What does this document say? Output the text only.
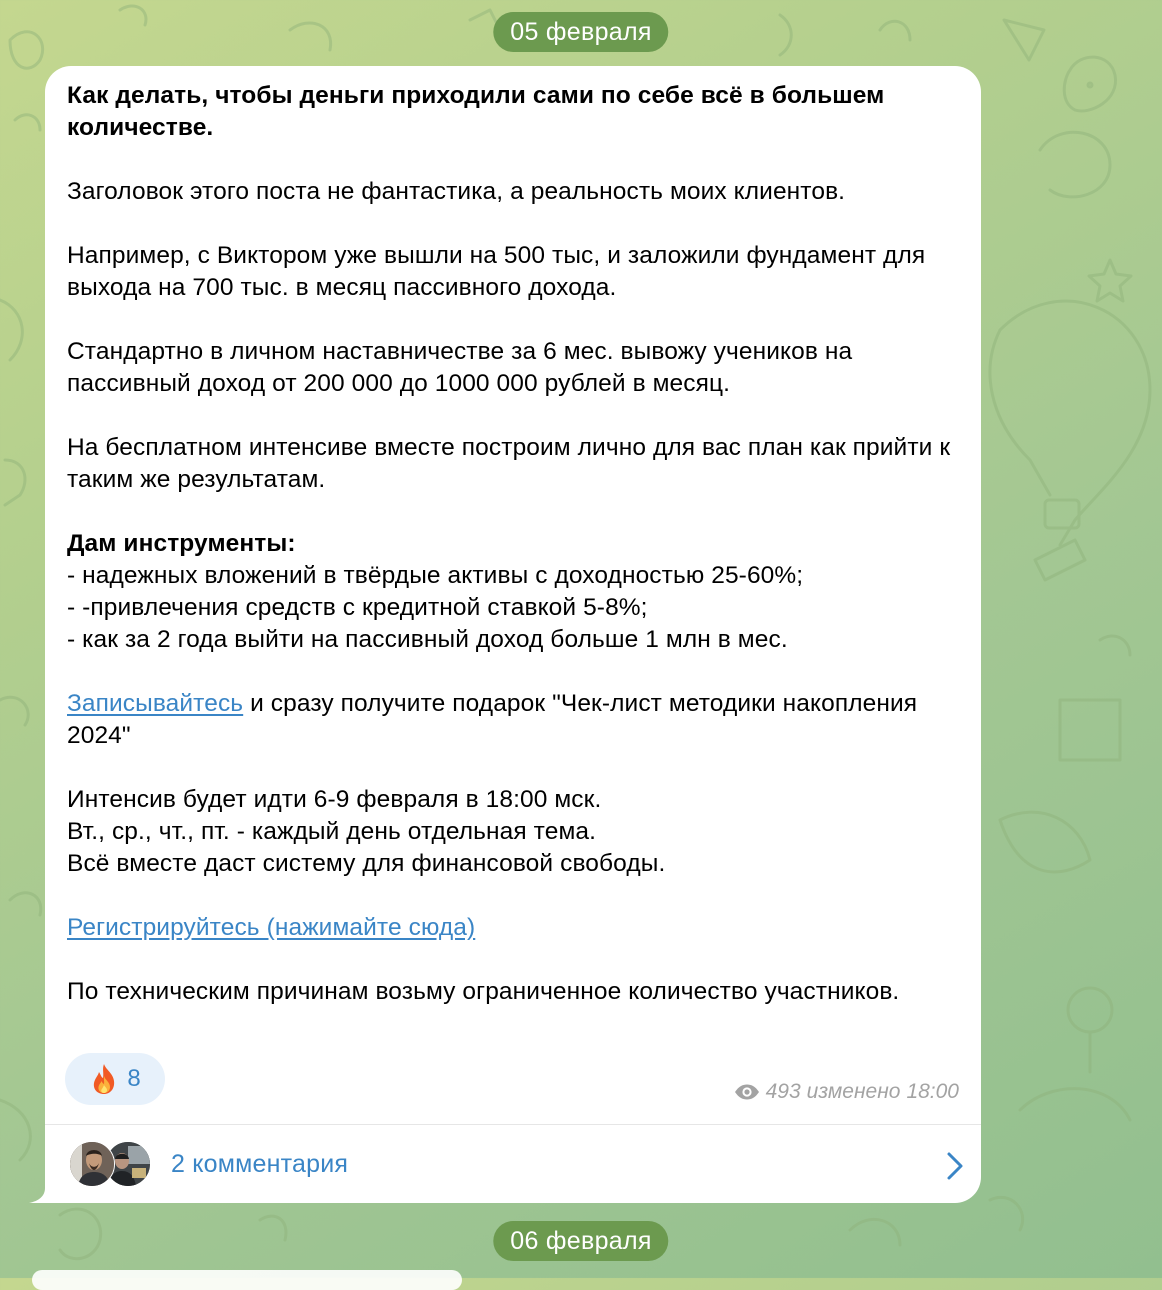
05 февраля

Как делать, чтобы деньги приходили сами по себе всё в большем количестве.

Заголовок этого поста не фантастика, а реальность моих клиентов.

Например, с Виктором уже вышли на 500 тыс, и заложили фундамент для выхода на 700 тыс. в месяц пассивного дохода.

Стандартно в личном наставничестве за 6 мес. вывожу учеников на пассивный доход от 200 000 до 1000 000 рублей в месяц.

На бесплатном интенсиве вместе построим лично для вас план как прийти к таким же результатам.

Дам инструменты:

- надежных вложений в твёрдые активы с доходностью 25-60%;

- -привлечения средств с кредитной ставкой 5-8%;

- как за 2 года выйти на пассивный доход больше 1 млн в мес.

Записывайтесь и сразу получите подарок "Чек-лист методики накопления 2024"

Интенсив будет идти 6-9 февраля в 18:00 мск.

Вт., ср., чт., пт. - каждый день отдельная тема.

Всё вместе даст систему для финансовой свободы.

Регистрируйтесь (нажимайте сюда)

По техническим причинам возьму ограниченное количество участников.

8	493 изменено 18:00
2 комментария
06 февраля
